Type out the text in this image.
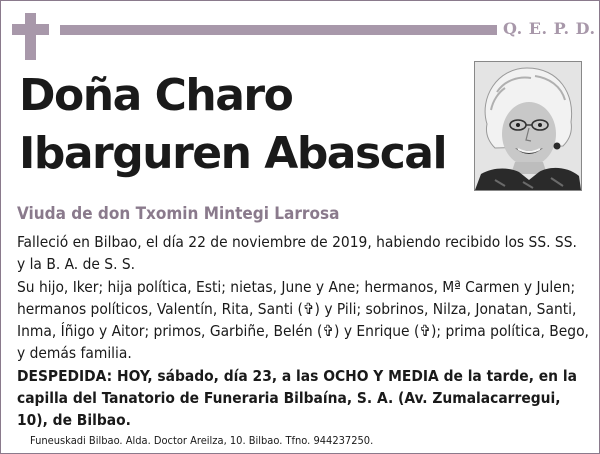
Q. E. P. D.
Doña Charo
Ibarguren Abascal
Viuda de don Txomin Mintegi Larrosa

Falleció en Bilbao, el día 22 de noviembre de 2019, habiendo recibido los SS. SS. y la B. A. de S. S.

Su hijo, Iker; hija política, Esti; nietas, June y Ane; hermanos, Mª Carmen y Julen; hermanos políticos, Valentín, Rita, Santi (✞) y Pili; sobrinos, Nilza, Jonatan, Santi, Inma, Íñigo y Aitor; primos, Garbiñe, Belén (✞) y Enrique (✞); prima política, Bego, y demás familia.

DESPEDIDA: HOY, sábado, día 23, a las OCHO Y MEDIA de la tarde, en la capilla del Tanatorio de Funeraria Bilbaína, S. A. (Av. Zumalacarregui, 10), de Bilbao.

Funeuskadi Bilbao. Alda. Doctor Areilza, 10. Bilbao. Tfno. 944237250.
